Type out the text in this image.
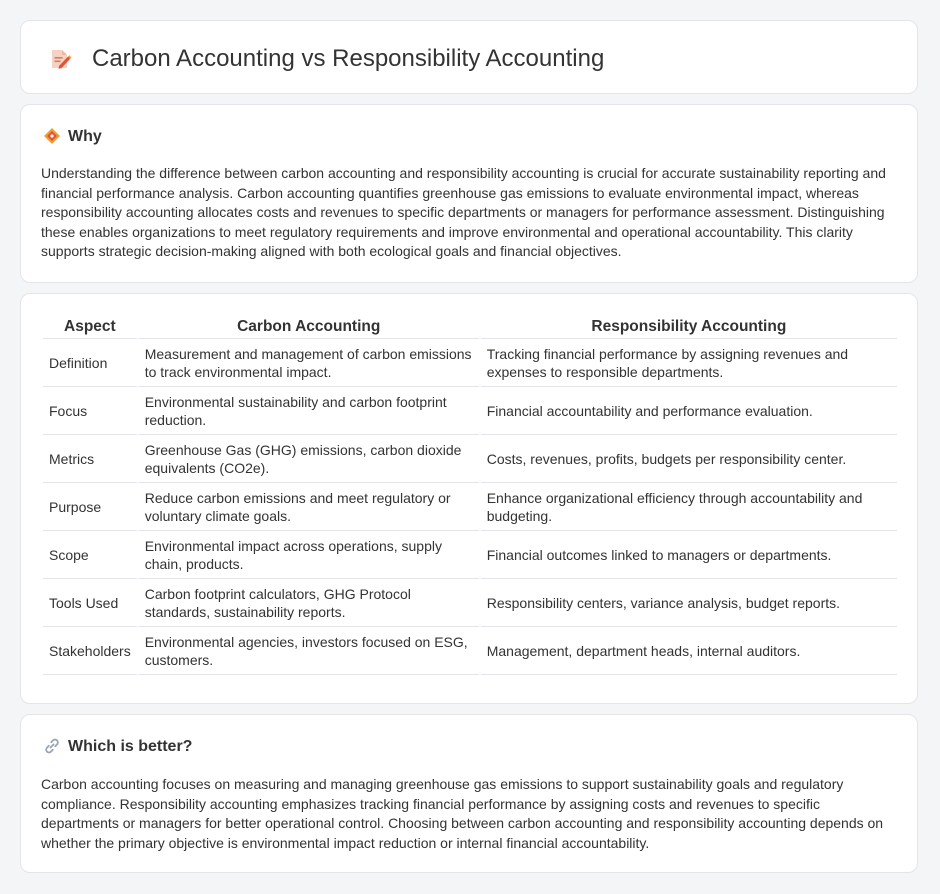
Carbon Accounting vs Responsibility Accounting
Why

Understanding the difference between carbon accounting and responsibility accounting is crucial for accurate sustainability reporting and financial performance analysis. Carbon accounting quantifies greenhouse gas emissions to evaluate environmental impact, whereas responsibility accounting allocates costs and revenues to specific departments or managers for performance assessment. Distinguishing these enables organizations to meet regulatory requirements and improve environmental and operational accountability. This clarity supports strategic decision-making aligned with both ecological goals and financial objectives.

Aspect	Carbon Accounting	Responsibility Accounting
Definition	Measurement and management of carbon emissions to track environmental impact.	Tracking financial performance by assigning revenues and expenses to responsible departments.
Focus	Environmental sustainability and carbon footprint reduction.	Financial accountability and performance evaluation.
Metrics	Greenhouse Gas (GHG) emissions, carbon dioxide equivalents (CO2e).	Costs, revenues, profits, budgets per responsibility center.
Purpose	Reduce carbon emissions and meet regulatory or voluntary climate goals.	Enhance organizational efficiency through accountability and budgeting.
Scope	Environmental impact across operations, supply chain, products.	Financial outcomes linked to managers or departments.
Tools Used	Carbon footprint calculators, GHG Protocol standards, sustainability reports.	Responsibility centers, variance analysis, budget reports.
Stakeholders	Environmental agencies, investors focused on ESG, customers.	Management, department heads, internal auditors.
Which is better?

Carbon accounting focuses on measuring and managing greenhouse gas emissions to support sustainability goals and regulatory compliance. Responsibility accounting emphasizes tracking financial performance by assigning costs and revenues to specific departments or managers for better operational control. Choosing between carbon accounting and responsibility accounting depends on whether the primary objective is environmental impact reduction or internal financial accountability.
